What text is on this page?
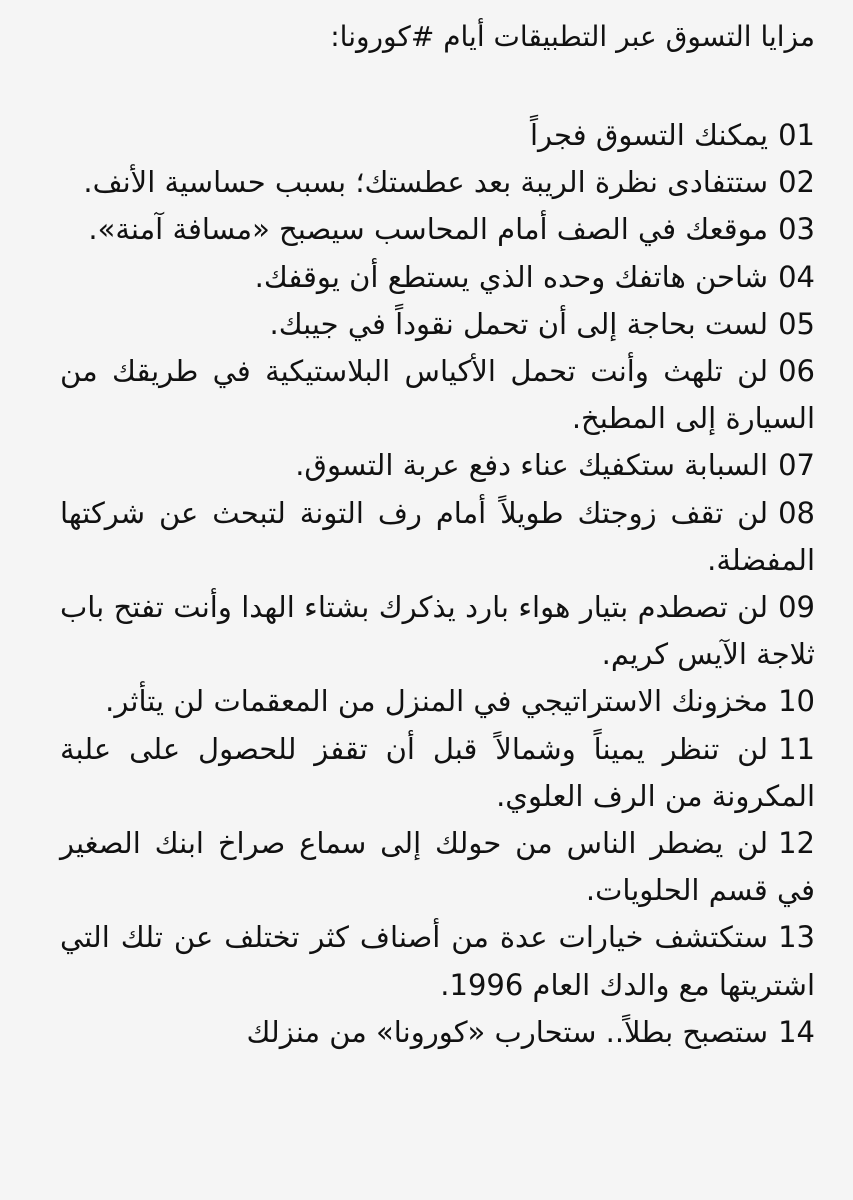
مزايا التسوق عبر التطبيقات أيام #كورونا:
01يمكنك التسوق فجراً
02ستتفادى نظرة الريبة بعد عطستك؛ بسبب حساسية الأنف.
03موقعك في الصف أمام المحاسب سيصبح «مسافة آمنة».
04شاحن هاتفك وحده الذي يستطع أن يوقفك.
05لست بحاجة إلى أن تحمل نقوداً في جيبك.
06لن تلهث وأنت تحمل الأكياس البلاستيكية في طريقك من السيارة إلى المطبخ.
07السبابة ستكفيك عناء دفع عربة التسوق.
08لن تقف زوجتك طويلاً أمام رف التونة لتبحث عن شركتها المفضلة.
09لن تصطدم بتيار هواء بارد يذكرك بشتاء الهدا وأنت تفتح باب ثلاجة الآيس كريم.
10مخزونك الاستراتيجي في المنزل من المعقمات لن يتأثر.
11لن تنظر يميناً وشمالاً قبل أن تقفز للحصول على علبة المكرونة من الرف العلوي.
12لن يضطر الناس من حولك إلى سماع صراخ ابنك الصغير في قسم الحلويات.
13ستكتشف خيارات عدة من أصناف كثر تختلف عن تلك التي اشتريتها مع والدك العام 1996.
14ستصبح بطلاً.. ستحارب «كورونا» من منزلك
